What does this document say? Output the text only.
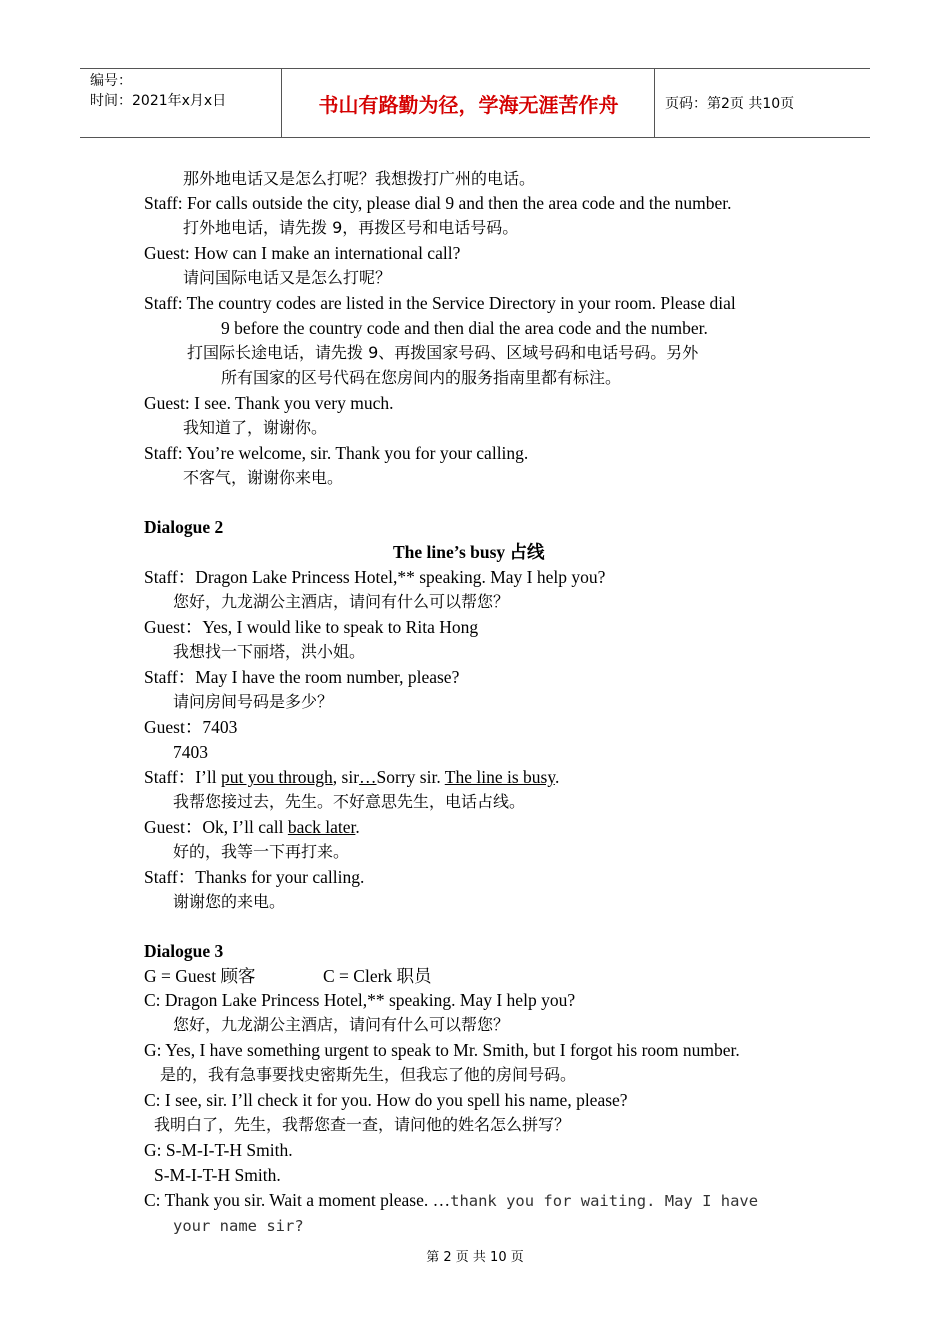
编号：
时间：2021年x月x日	书山有路勤为径，学海无涯苦作舟	页码：第2页 共10页
那外地电话又是怎么打呢？我想拨打广州的电话。
Staff: For calls outside the city, please dial 9 and then the area code and the number.
打外地电话，请先拨 9，再拨区号和电话号码。
Guest: How can I make an international call?
请问国际电话又是怎么打呢？
Staff: The country codes are listed in the Service Directory in your room. Please dial
9 before the country code and then dial the area code and the number.
打国际长途电话，请先拨 9、再拨国家号码、区域号码和电话号码。另外
所有国家的区号代码在您房间内的服务指南里都有标注。
Guest: I see. Thank you very much.
我知道了，谢谢你。
Staff: You’re welcome, sir. Thank you for your calling.
不客气，谢谢你来电。
Dialogue 2
The line’s busy 占线
Staff：Dragon Lake Princess Hotel,** speaking. May I help you?
您好，九龙湖公主酒店，请问有什么可以帮您？
Guest：Yes, I would like to speak to Rita Hong
我想找一下丽塔，洪小姐。
Staff：May I have the room number, please?
请问房间号码是多少？
Guest：7403
7403
Staff：I’ll put you through, sir…Sorry sir. The line is busy.
我帮您接过去，先生。不好意思先生，电话占线。
Guest：Ok, I’ll call back later.
好的，我等一下再打来。
Staff：Thanks for your calling.
谢谢您的来电。
Dialogue 3
G = Guest 顾客	C = Clerk 职员
C: Dragon Lake Princess Hotel,** speaking. May I help you?
您好，九龙湖公主酒店，请问有什么可以帮您？
G: Yes, I have something urgent to speak to Mr. Smith, but I forgot his room number.
是的，我有急事要找史密斯先生，但我忘了他的房间号码。
C: I see, sir. I’ll check it for you. How do you spell his name, please?
我明白了，先生，我帮您查一查，请问他的姓名怎么拼写？
G: S-M-I-T-H Smith.
S-M-I-T-H Smith.
C: Thank you sir. Wait a moment please. …thank you for waiting. May I have
your name sir?
第 2 页 共 10 页
